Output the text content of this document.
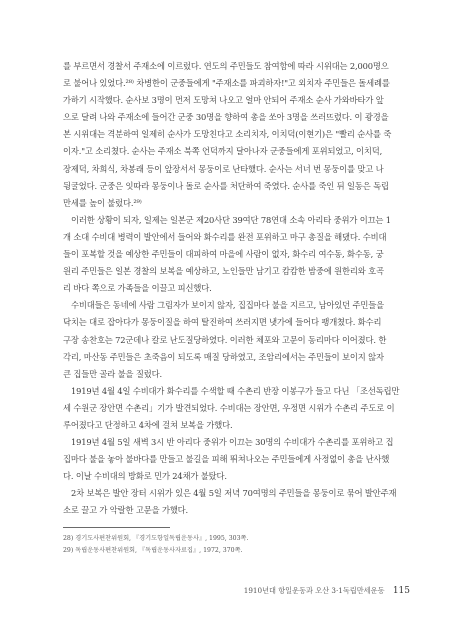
를 부르면서 경찰서 주재소에 이르렀다. 연도의 주민들도 참여함에 따라 시위대는 2,000명으
로 불어나 있었다.²⁸⁾ 차병한이 군중들에게 "주재소를 파괴하자!"고 외치자 주민들은 돌세례를
가하기 시작했다. 순사보 3명이 먼저 도망쳐 나오고 얼마 안되어 주재소 순사 가와바타가 앞
으로 달려 나와 주재소에 들어간 군중 30명을 향하여 총을 쏘아 3명을 쓰러뜨렸다. 이 광경을
본 시위대는 격분하여 일제히 순사가 도망친다고 소리치자, 이치덕(이현기)은 "빨리 순사를 죽
이자."고 소리쳤다. 순사는 주재소 북쪽 언덕까지 달아나자 군중들에게 포위되었고, 이치덕,
장제덕, 차희식, 차봉래 등이 앞장서서 몽둥이로 난타했다. 순사는 서너 번 몽둥이를 맞고 나
뒹굴었다. 군중은 잇따라 몽둥이나 돌로 순사를 처단하여 죽였다. 순사를 죽인 뒤 일동은 독립
만세를 높이 불렀다.²⁹⁾
이러한 상황이 되자, 일제는 일본군 제20사단 39여단 78연대 소속 아리타 중위가 이끄는 1
개 소대 수비대 병력이 발안에서 들어와 화수리를 완전 포위하고 마구 총질을 해댔다. 수비대
들이 포복할 것을 예상한 주민들이 대피하여 마을에 사람이 없자, 화수리 여수동, 화수동, 궁
원리 주민들은 일본 경찰의 보복을 예상하고, 노인들만 남기고 캄캄한 밤중에 원한리와 호곡
리 바다 쪽으로 가족들을 이끌고 피신했다.
수비대들은 동네에 사람 그림자가 보이지 않자, 집집마다 불을 지르고, 남아있던 주민들을
닥치는 대로 잡아다가 몽둥이질을 하여 탈진하여 쓰러지면 냇가에 들어다 팽개쳤다. 화수리
구장 송찬호는 72군데나 칼로 난도질당하였다. 이러한 체포와 고문이 동리마다 이어졌다. 한
각리, 마산동 주민들은 초죽음이 되도록 매질 당하였고, 조암리에서는 주민들이 보이지 않자
큰 집들만 골라 불을 질렀다.
1919년 4월 4일 수비대가 화수리를 수색할 때 수촌리 반장 이봉구가 들고 다닌 「조선독립만
세 수원군 장안면 수촌리」기가 발견되었다. 수비대는 장안면, 우정면 시위가 수촌리 주도로 이
루어졌다고 단정하고 4차에 걸쳐 보복을 가했다.
1919년 4월 5일 새벽 3시 반 아리다 중위가 이끄는 30명의 수비대가 수촌리를 포위하고 집
집마다 불을 놓아 불바다를 만들고 불길을 피해 뛰쳐나오는 주민들에게 사정없이 총을 난사했
다. 이날 수비대의 방화로 민가 24채가 불탔다.
2차 보복은 발안 장터 시위가 있은 4월 5일 저녁 70여명의 주민들을 몽둥이로 묶어 발안주재
소로 끌고 가 악랄한 고문을 가했다.
28) 경기도사편찬위원회, 『경기도항일독립운동사』, 1995, 303쪽.
29) 독립운동사편찬위원회, 『독립운동사자료집』, 1972, 370쪽.
1910년대 항일운동과 오산 3·1독립만세운동 115
